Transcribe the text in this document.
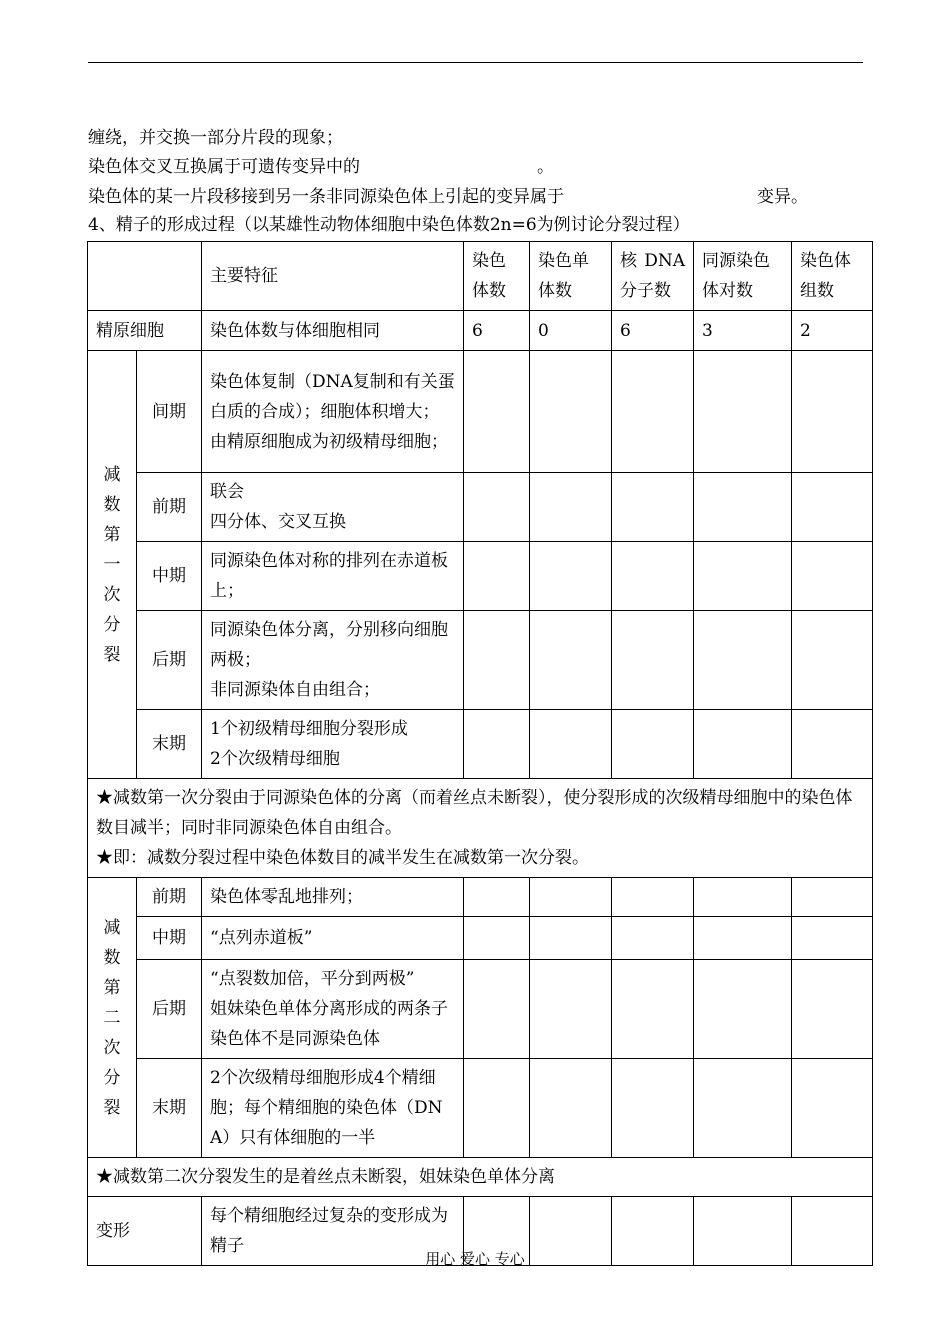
缠绕，并交换一部分片段的现象；
染色体交叉互换属于可遗传变异中的	。
染色体的某一片段移接到另一条非同源染色体上引起的变异属于	变异。
4、精子的形成过程（以某雄性动物体细胞中染色体数2n=6为例讨论分裂过程）
		主要特征	染色体数	染色单体数	核 DNA分子数	同源染色体对数	染色体组数
精原细胞		染色体数与体细胞相同	6	0	6	3	2

减数第一次分裂	间期	染色体复制（DNA复制和有关蛋白质的合成）；细胞体积增大；由精原细胞成为初级精母细胞；					
	前期	联会
四分体、交叉互换					
	中期	同源染色体对称的排列在赤道板上；					
	后期	同源染色体分离，分别移向细胞两极；
非同源染体自由组合；					
	末期	1个初级精母细胞分裂形成
2个次级精母细胞					

★减数第一次分裂由于同源染色体的分离（而着丝点未断裂），使分裂形成的次级精母细胞中的染色体数目减半；同时非同源染色体自由组合。
★即：减数分裂过程中染色体数目的减半发生在减数第一次分裂。							

减数第二次分裂	前期	染色体零乱地排列；					
	中期	“点列赤道板”					
	后期	“点裂数加倍，平分到两极”
姐妹染色单体分离形成的两条子染色体不是同源染色体					
	末期	2个次级精母细胞形成4个精细胞；每个精细胞的染色体（DNA）只有体细胞的一半					
★减数第二次分裂发生的是着丝点未断裂，姐妹染色单体分离							
变形		每个精细胞经过复杂的变形成为精子					
用心 爱心 专心
